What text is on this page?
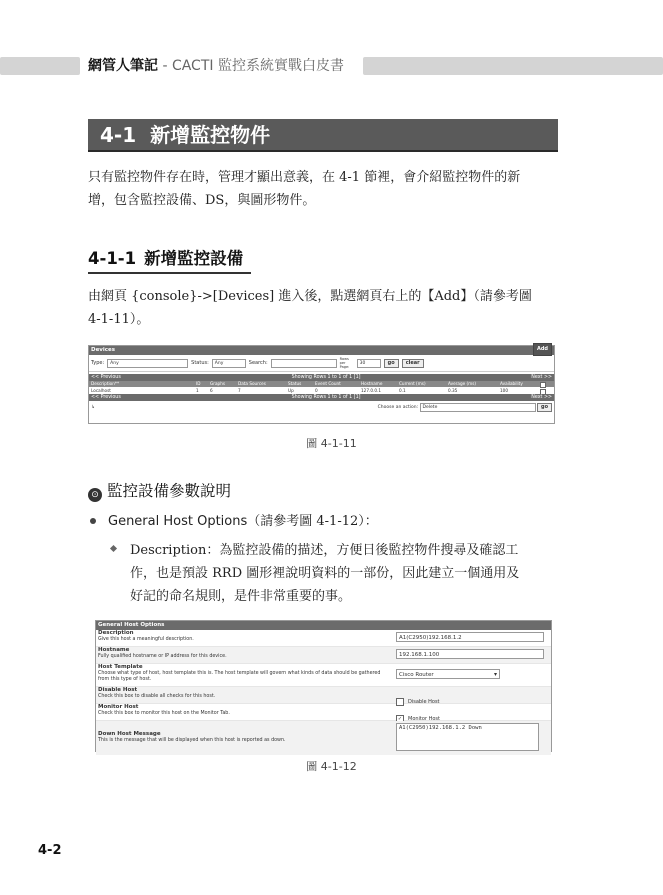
網管人筆記 - CACTI 監控系統實戰白皮書
4-1 新增監控物件
只有監控物件存在時，管理才顯出意義，在 4-1 節裡，會介紹監控物件的新
增，包含監控設備、DS，與圖形物件。
4-1-1 新增監控設備
由網頁 {console}->[Devices] 進入後，點選網頁右上的【Add】（請參考圖
4-1-11）。
Devices	Add
Type:	Any	Status:	Any	Search:
Rows per Page:
30	go	clear
<< Previous	Showing Rows 1 to 1 of 1 [1]	Next >>
Description**	ID	Graphs	Data Sources	Status	Event Count	Hostname	Current (ms)	Average (ms)	Availability
Localhost	1	6	7	Up	0	127.0.0.1	0.1	0.35	100
<< Previous	Showing Rows 1 to 1 of 1 [1]	Next >>
↳	Choose an action: Delete	go
圖 4-1-11
⊙ 監控設備參數說明
General Host Options（請參考圖 4-1-12）：
Description：為監控設備的描述，方便日後監控物件搜尋及確認工
作，也是預設 RRD 圖形裡說明資料的一部份，因此建立一個通用及
好記的命名規則，是件非常重要的事。
General Host Options
Description
Give this host a meaningful description.	A1(C2950)192.168.1.2
Hostname
Fully qualified hostname or IP address for this device.	192.168.1.100
Host Template
Choose what type of host, host template this is. The host template will govern what kinds of data should be gathered from this type of host.
Cisco Router ▾
Disable Host
Check this box to disable all checks for this host.
Disable Host
Monitor Host
Check this box to monitor this host on the Monitor Tab.
✓ Monitor Host
Down Host Message
This is the message that will be displayed when this host is reported as down.
A1(C2950)192.168.1.2 Down
圖 4-1-12
4-2
